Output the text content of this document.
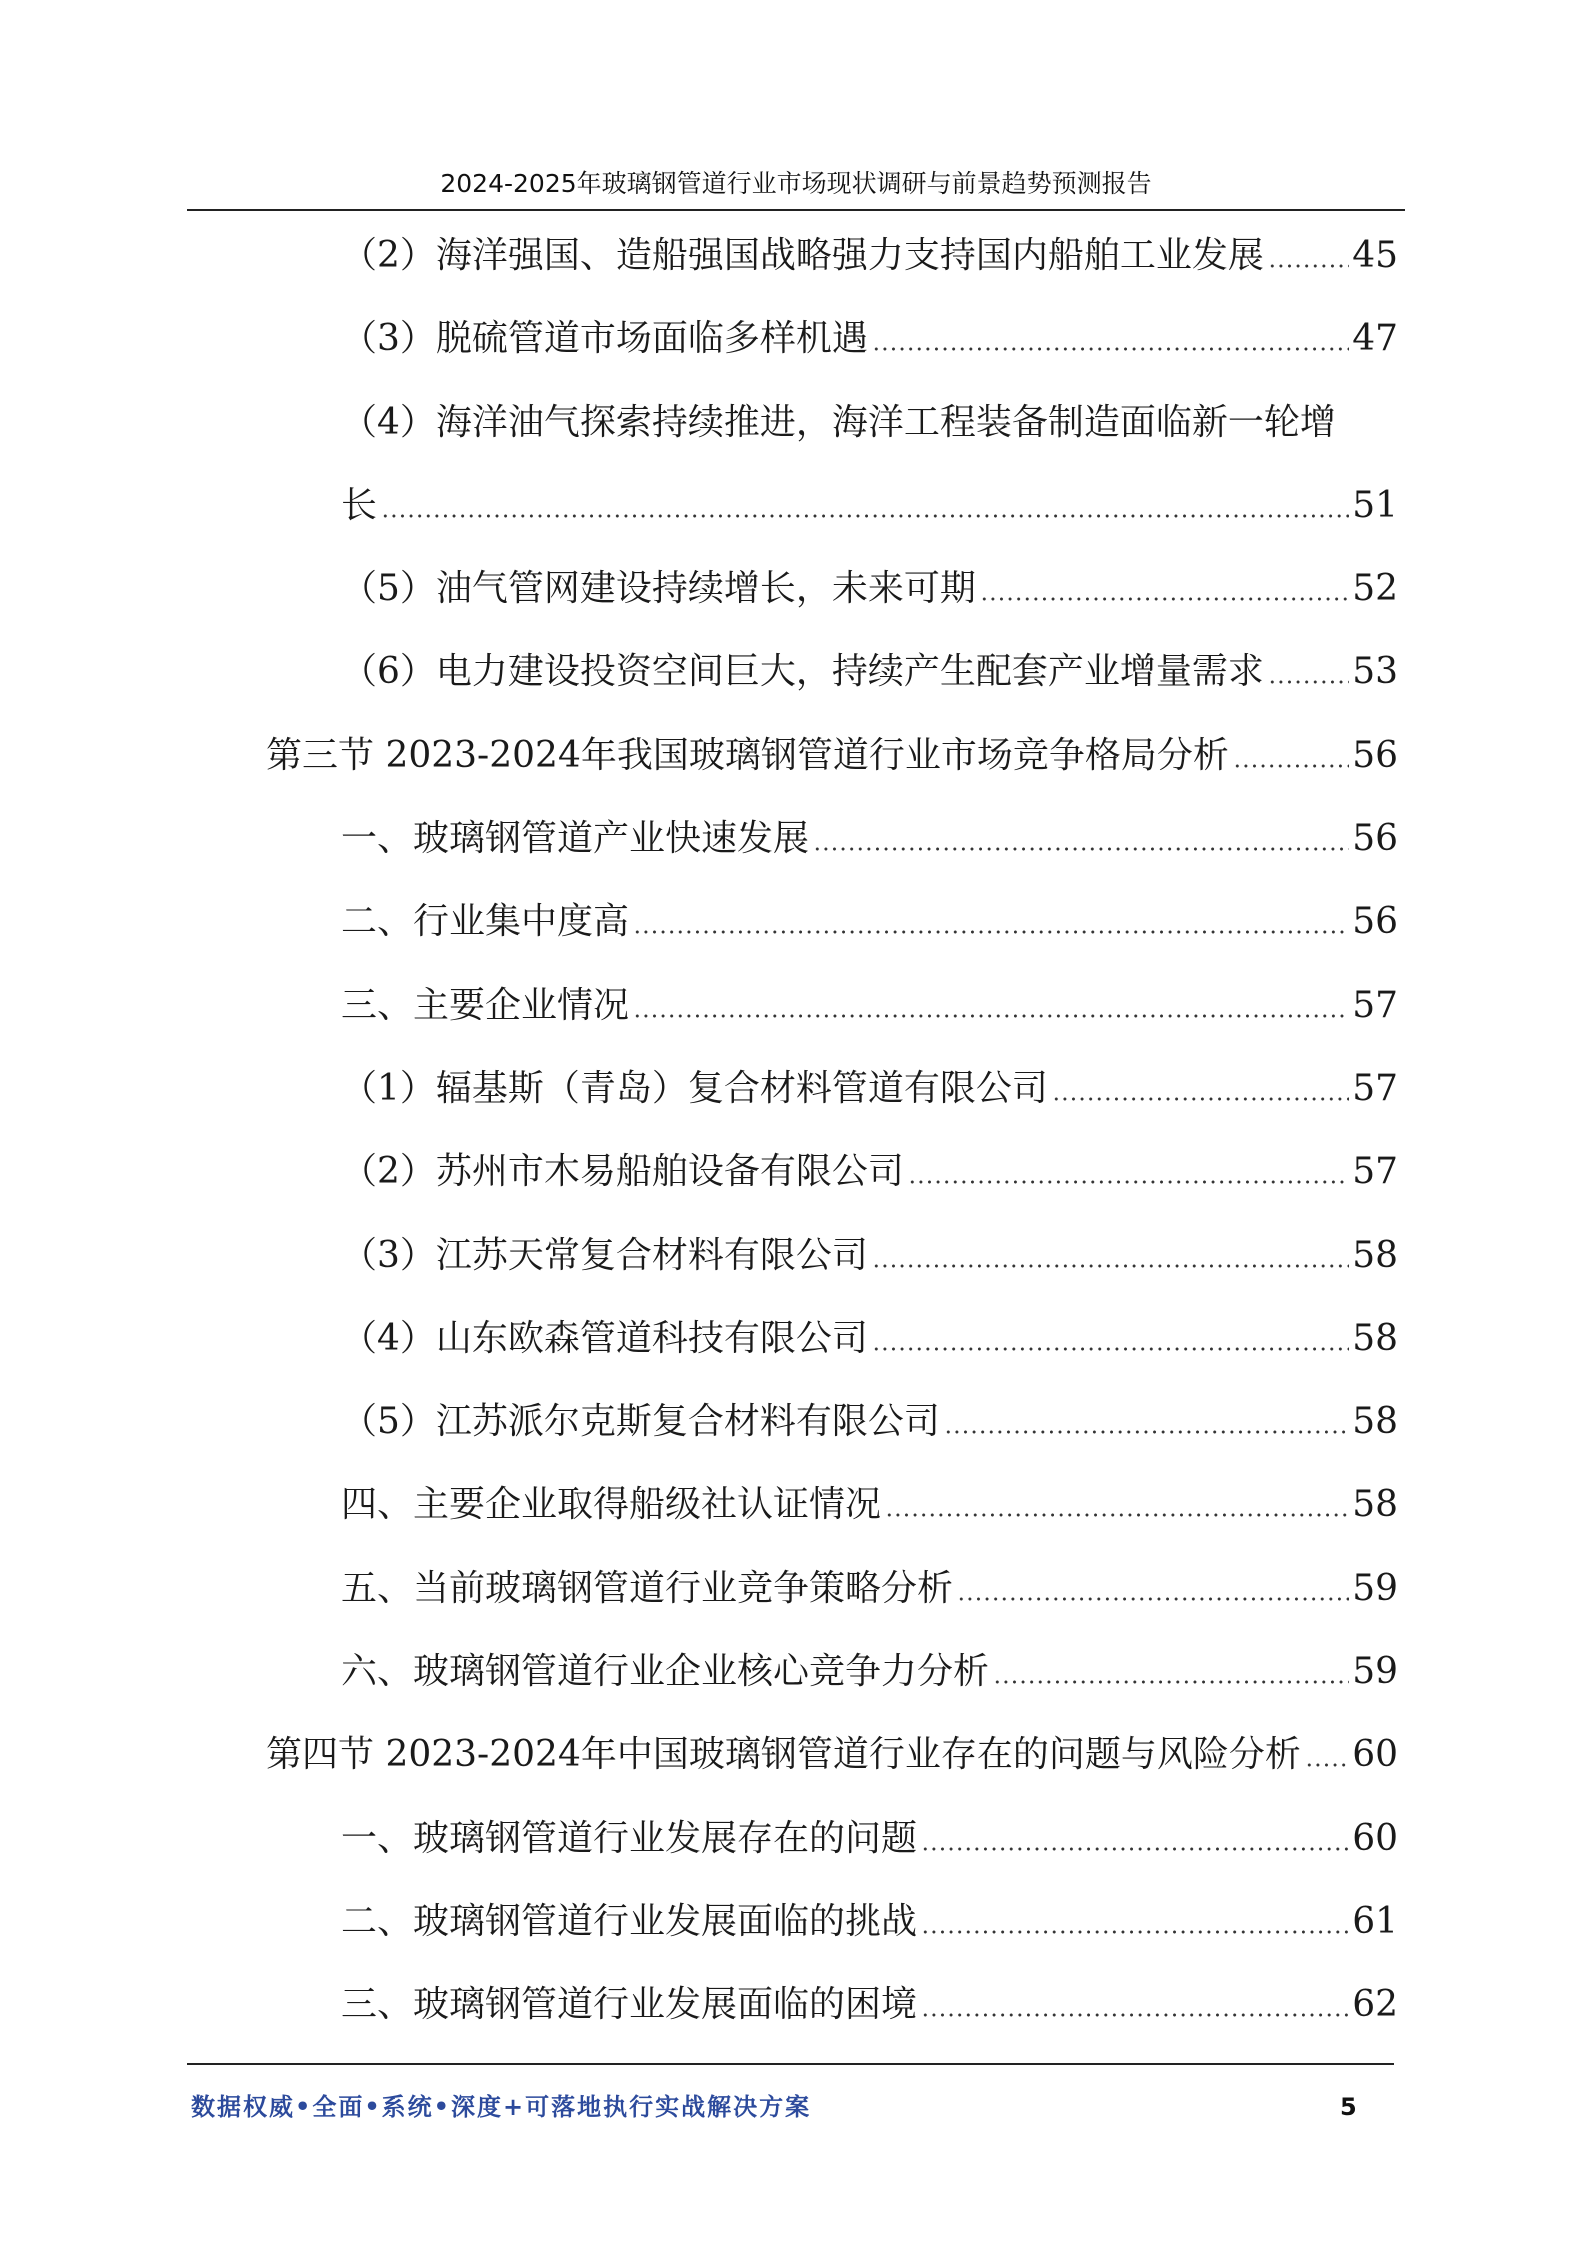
2024-2025年玻璃钢管道行业市场现状调研与前景趋势预测报告
（2）海洋强国、造船强国战略强力支持国内船舶工业发展 45
（3）脱硫管道市场面临多样机遇	47
（4）海洋油气探索持续推进，海洋工程装备制造面临新一轮增
长	51
（5）油气管网建设持续增长，未来可期	52
（6）电力建设投资空间巨大，持续产生配套产业增量需求 53
第三节 2023-2024年我国玻璃钢管道行业市场竞争格局分析	56
一、玻璃钢管道产业快速发展	56
二、行业集中度高	56
三、主要企业情况	57
（1）辐基斯（青岛）复合材料管道有限公司	57
（2）苏州市木易船舶设备有限公司	57
（3）江苏天常复合材料有限公司	58
（4）山东欧森管道科技有限公司	58
（5）江苏派尔克斯复合材料有限公司	58
四、主要企业取得船级社认证情况	58
五、当前玻璃钢管道行业竞争策略分析	59
六、玻璃钢管道行业企业核心竞争力分析	59
第四节 2023-2024年中国玻璃钢管道行业存在的问题与风险分析 60
一、玻璃钢管道行业发展存在的问题	60
二、玻璃钢管道行业发展面临的挑战	61
三、玻璃钢管道行业发展面临的困境	62
数据权威•全面•系统•深度+可落地执行实战解决方案	5
